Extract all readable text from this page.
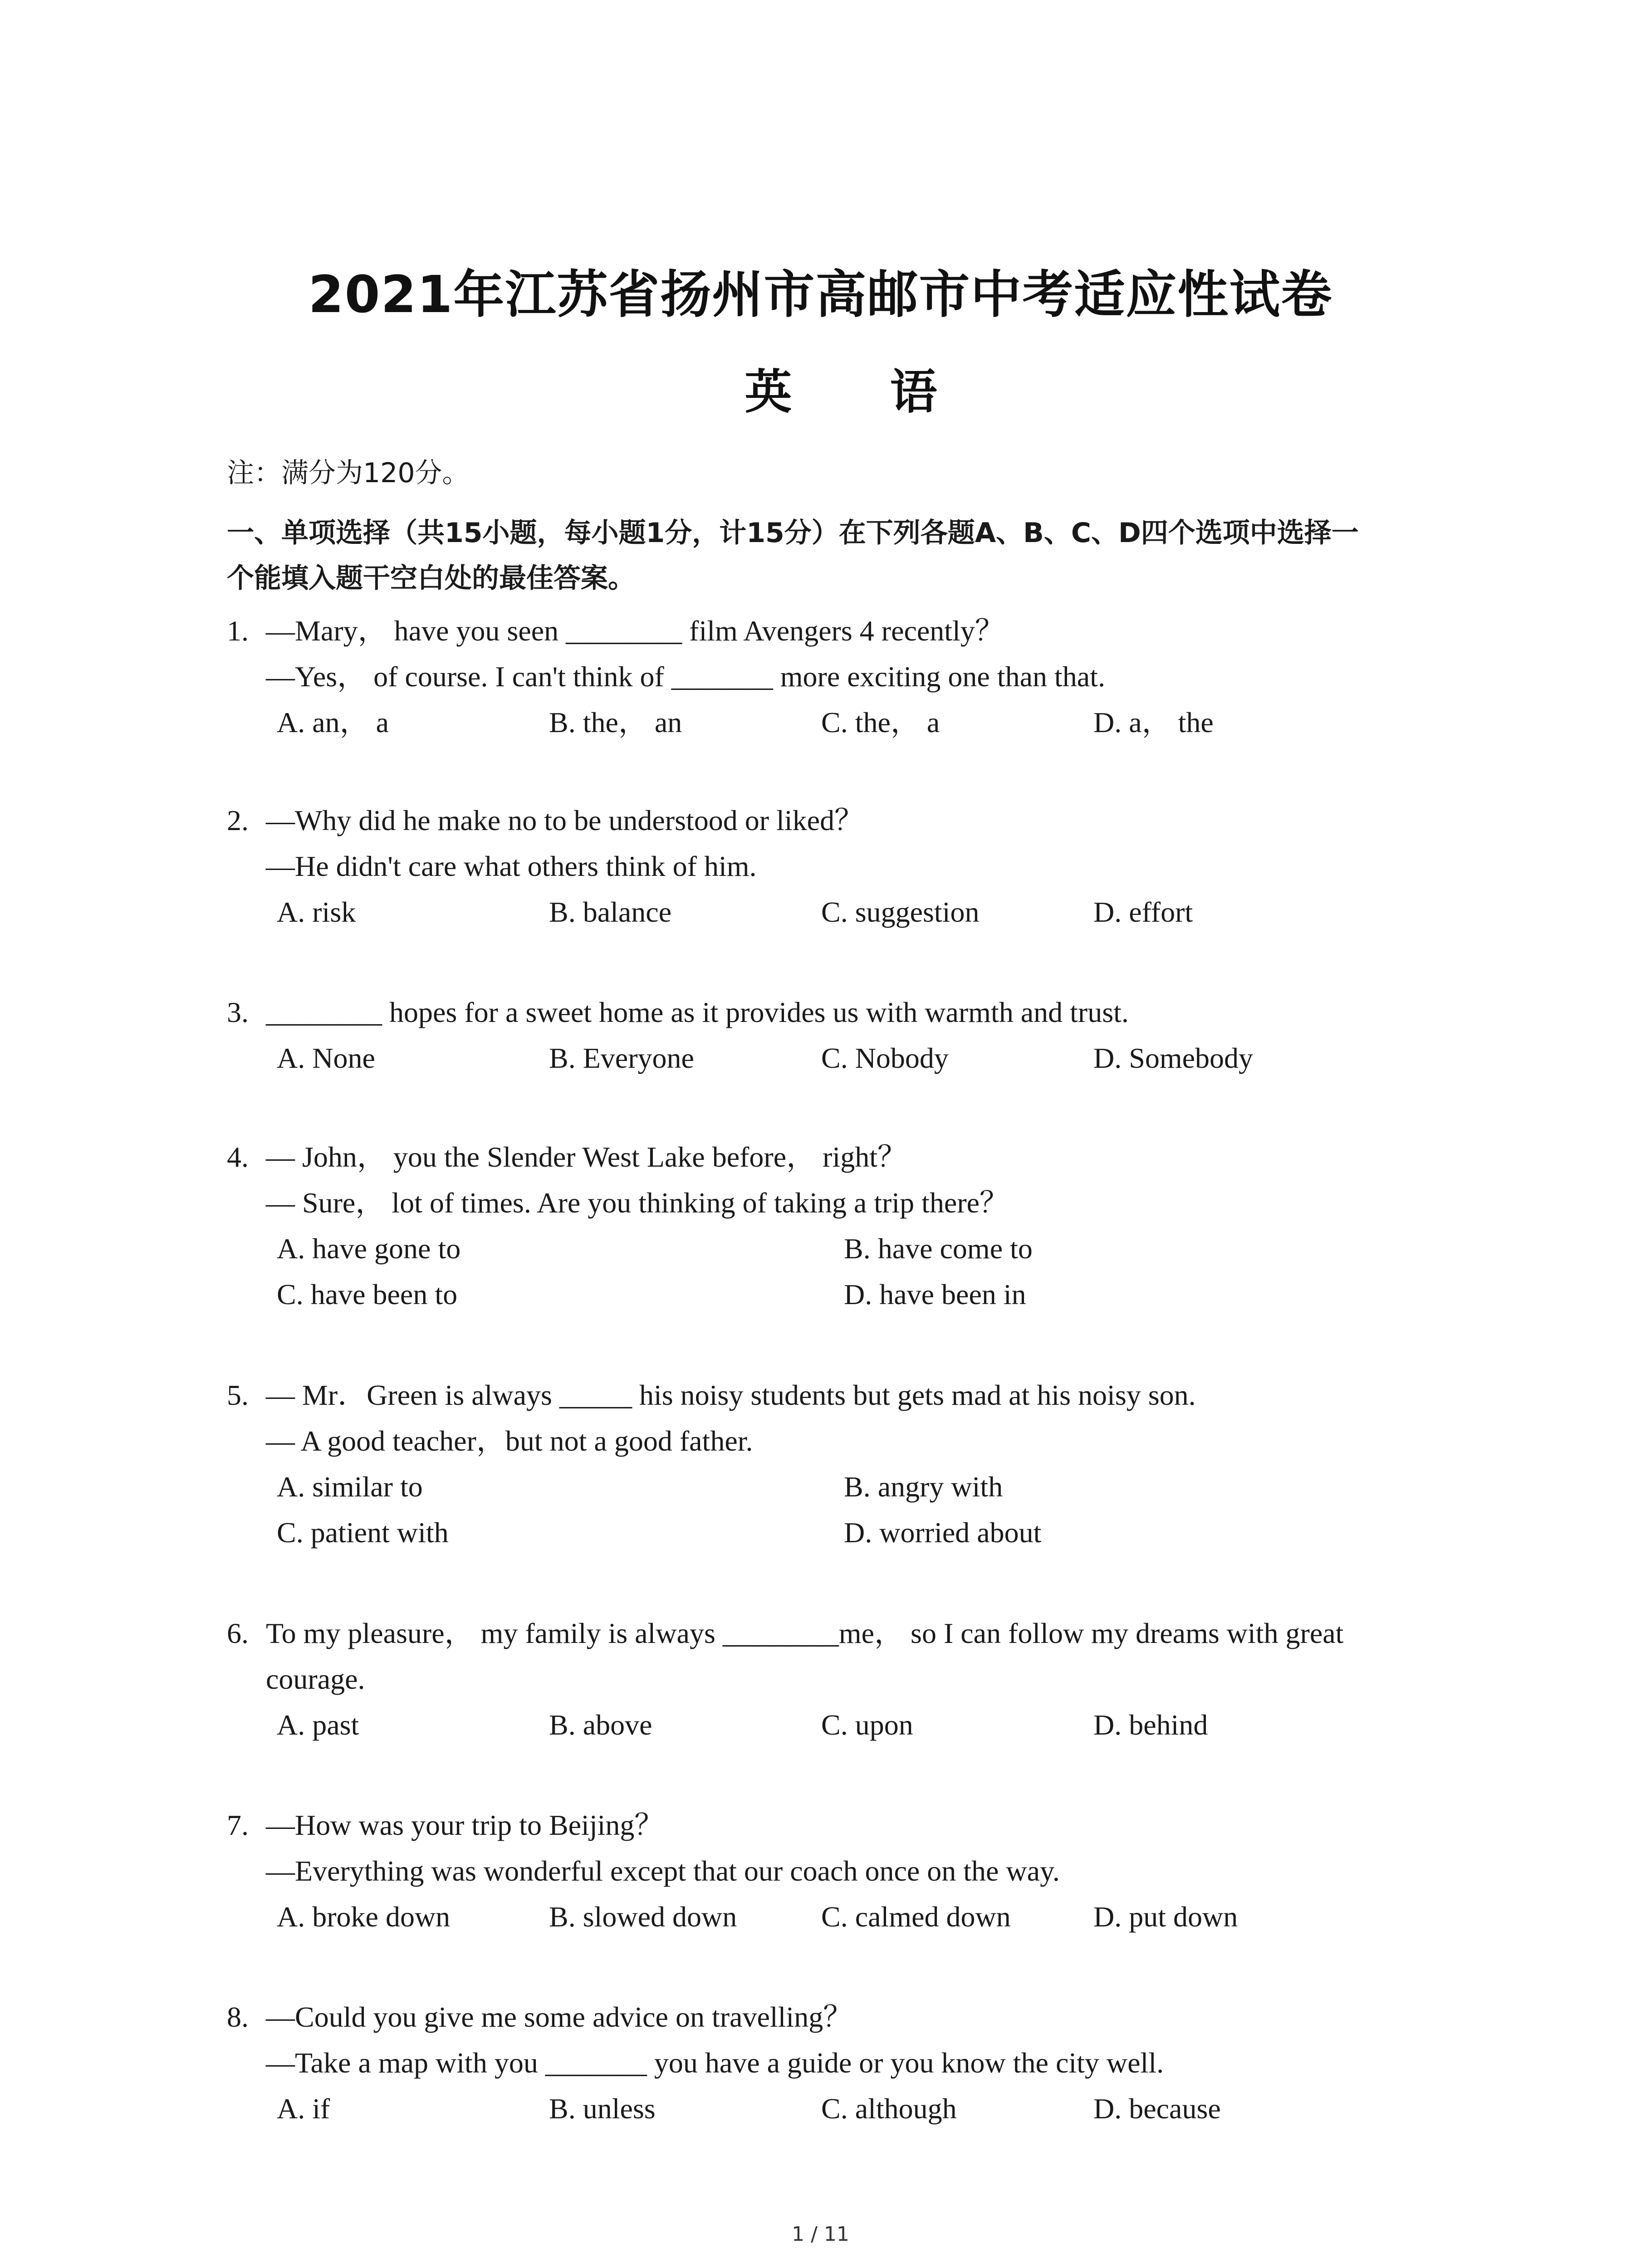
2021年江苏省扬州市高邮市中考适应性试卷
英 语
注：满分为120分。
一、单项选择（共15小题，每小题1分，计15分）在下列各题A、B、C、D四个选项中选择一
个能填入题干空白处的最佳答案。
1. —Mary， have you seen ________ film Avengers 4 recently？
—Yes， of course. I can't think of _______ more exciting one than that.
A. an， a	B. the， an	C. the， a	D. a， the
2. —Why did he make no to be understood or liked？
—He didn't care what others think of him.
A. risk	B. balance	C. suggestion	D. effort
3. ________ hopes for a sweet home as it provides us with warmth and trust.
A. None	B. Everyone	C. Nobody	D. Somebody
4. — John， you the Slender West Lake before， right？
— Sure， lot of times. Are you thinking of taking a trip there？
A. have gone to	B. have come to
C. have been to	D. have been in
5. — Mr．Green is always _____ his noisy students but gets mad at his noisy son.
— A good teacher，but not a good father.
A. similar to	B. angry with
C. patient with	D. worried about
6. To my pleasure， my family is always ________me， so I can follow my dreams with great
courage.
A. past	B. above	C. upon	D. behind
7. —How was your trip to Beijing？
—Everything was wonderful except that our coach once on the way.
A. broke down	B. slowed down	C. calmed down	D. put down
8. —Could you give me some advice on travelling？
—Take a map with you _______ you have a guide or you know the city well.
A. if	B. unless	C. although	D. because
1 / 11
